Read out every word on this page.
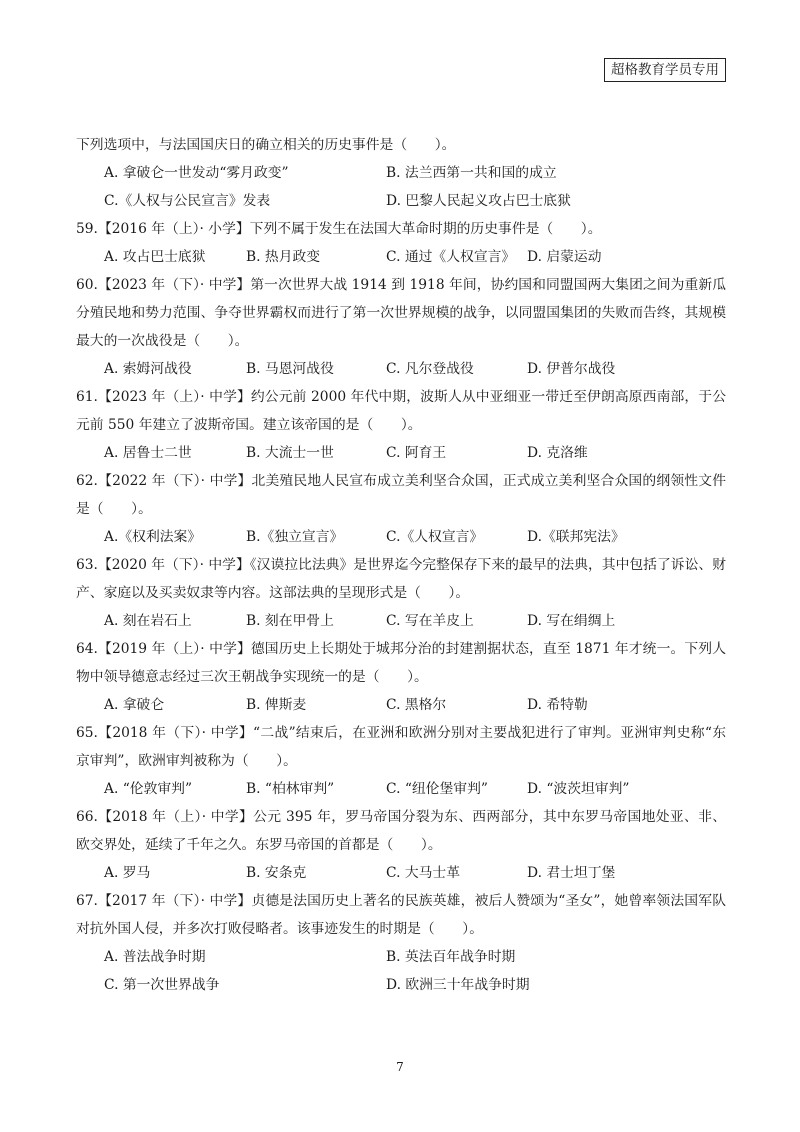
超格教育学员专用
下列选项中，与法国国庆日的确立相关的历史事件是（　　）。
A. 拿破仑一世发动“雾月政变”	B. 法兰西第一共和国的成立
C.《人权与公民宣言》发表	D. 巴黎人民起义攻占巴士底狱
59.【2016 年（上）· 小学】下列不属于发生在法国大革命时期的历史事件是（　　）。
A. 攻占巴士底狱	B. 热月政变	C. 通过《人权宣言》 D. 启蒙运动
60.【2023 年（下）· 中学】第一次世界大战 1914 到 1918 年间，协约国和同盟国两大集团之间为重新瓜分殖民地和势力范围、争夺世界霸权而进行了第一次世界规模的战争，以同盟国集团的失败而告终，其规模最大的一次战役是（　　）。
A. 索姆河战役	B. 马恩河战役	C. 凡尔登战役	D. 伊普尔战役
61.【2023 年（上）· 中学】约公元前 2000 年代中期，波斯人从中亚细亚一带迁至伊朗高原西南部，于公元前 550 年建立了波斯帝国。建立该帝国的是（　　）。
A. 居鲁士二世	B. 大流士一世	C. 阿育王	D. 克洛维
62.【2022 年（下）· 中学】北美殖民地人民宣布成立美利坚合众国，正式成立美利坚合众国的纲领性文件是（　　）。
A.《权利法案》	B.《独立宣言》	C.《人权宣言》	D.《联邦宪法》
63.【2020 年（下）· 中学】《汉谟拉比法典》是世界迄今完整保存下来的最早的法典，其中包括了诉讼、财产、家庭以及买卖奴隶等内容。这部法典的呈现形式是（　　）。
A. 刻在岩石上	B. 刻在甲骨上	C. 写在羊皮上	D. 写在绢绸上
64.【2019 年（上）· 中学】德国历史上长期处于城邦分治的封建割据状态，直至 1871 年才统一。下列人物中领导德意志经过三次王朝战争实现统一的是（　　）。
A. 拿破仑	B. 俾斯麦	C. 黑格尔	D. 希特勒
65.【2018 年（下）· 中学】“二战”结束后，在亚洲和欧洲分别对主要战犯进行了审判。亚洲审判史称“东京审判”，欧洲审判被称为（　　）。
A. “伦敦审判”	B. “柏林审判”	C. “纽伦堡审判”	D. “波茨坦审判”
66.【2018 年（上）· 中学】公元 395 年，罗马帝国分裂为东、西两部分，其中东罗马帝国地处亚、非、欧交界处，延续了千年之久。东罗马帝国的首都是（　　）。
A. 罗马	B. 安条克	C. 大马士革	D. 君士坦丁堡
67.【2017 年（下）· 中学】贞德是法国历史上著名的民族英雄，被后人赞颂为“圣女”，她曾率领法国军队对抗外国人侵，并多次打败侵略者。该事迹发生的时期是（　　）。
A. 普法战争时期	B. 英法百年战争时期
C. 第一次世界战争	D. 欧洲三十年战争时期
7
